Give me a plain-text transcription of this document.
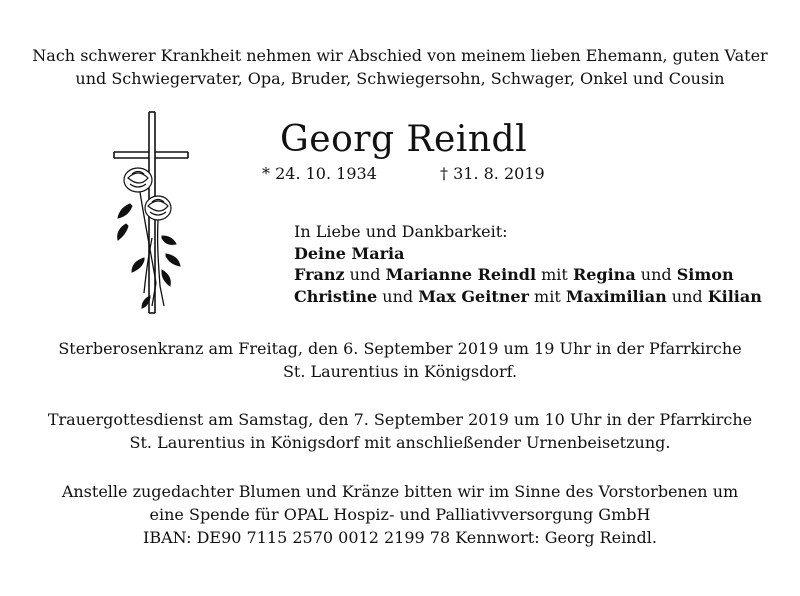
Nach schwerer Krankheit nehmen wir Abschied von meinem lieben Ehemann, guten Vater
und Schwiegervater, Opa, Bruder, Schwiegersohn, Schwager, Onkel und Cousin
Georg Reindl
* 24. 10. 1934	† 31. 8. 2019
In Liebe und Dankbarkeit:
Deine Maria
Franz und Marianne Reindl mit Regina und Simon
Christine und Max Geitner mit Maximilian und Kilian
Sterberosenkranz am Freitag, den 6. September 2019 um 19 Uhr in der Pfarrkirche
St. Laurentius in Königsdorf.
Trauergottesdienst am Samstag, den 7. September 2019 um 10 Uhr in der Pfarrkirche
St. Laurentius in Königsdorf mit anschließender Urnenbeisetzung.
Anstelle zugedachter Blumen und Kränze bitten wir im Sinne des Vorstorbenen um
eine Spende für OPAL Hospiz- und Palliativversorgung GmbH
IBAN: DE90 7115 2570 0012 2199 78 Kennwort: Georg Reindl.
